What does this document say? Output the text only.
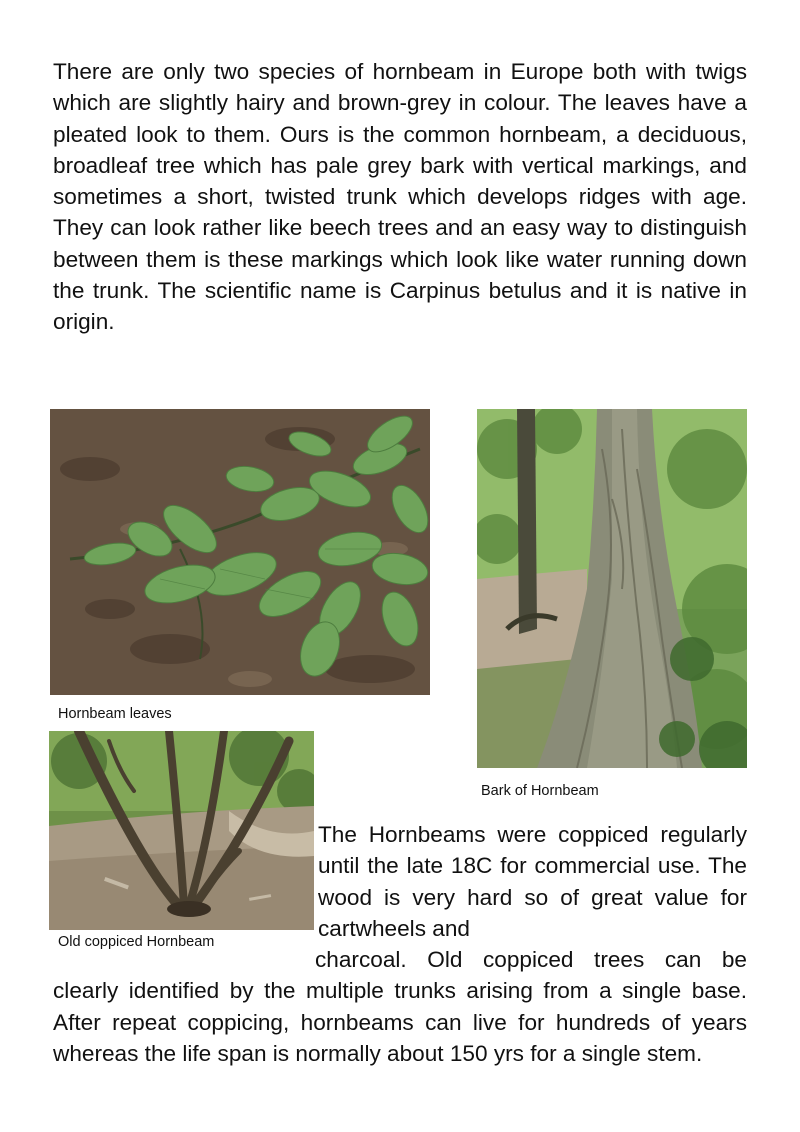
There are only two species of hornbeam in Europe both with twigs which are slightly hairy and brown-grey in colour. The leaves have a pleated look to them. Ours is the common hornbeam, a deciduous, broadleaf tree which has pale grey bark with vertical markings, and sometimes a short, twisted trunk which develops ridges with age. They can look rather like beech trees and an easy way to distinguish between them is these markings which look like water running down the trunk. The scientific name is Carpinus betulus and it is native in origin.

Hornbeam leaves

Bark of Hornbeam

Old coppiced Hornbeam

The Hornbeams were coppiced regularly until the late 18C for commercial use. The wood is very hard so of great value for cartwheels and

charcoal. Old coppiced trees can be clearly identified by the multiple trunks arising from a single base. After repeat coppicing, hornbeams can live for hundreds of years whereas the life span is normally about 150 yrs for a single stem.
